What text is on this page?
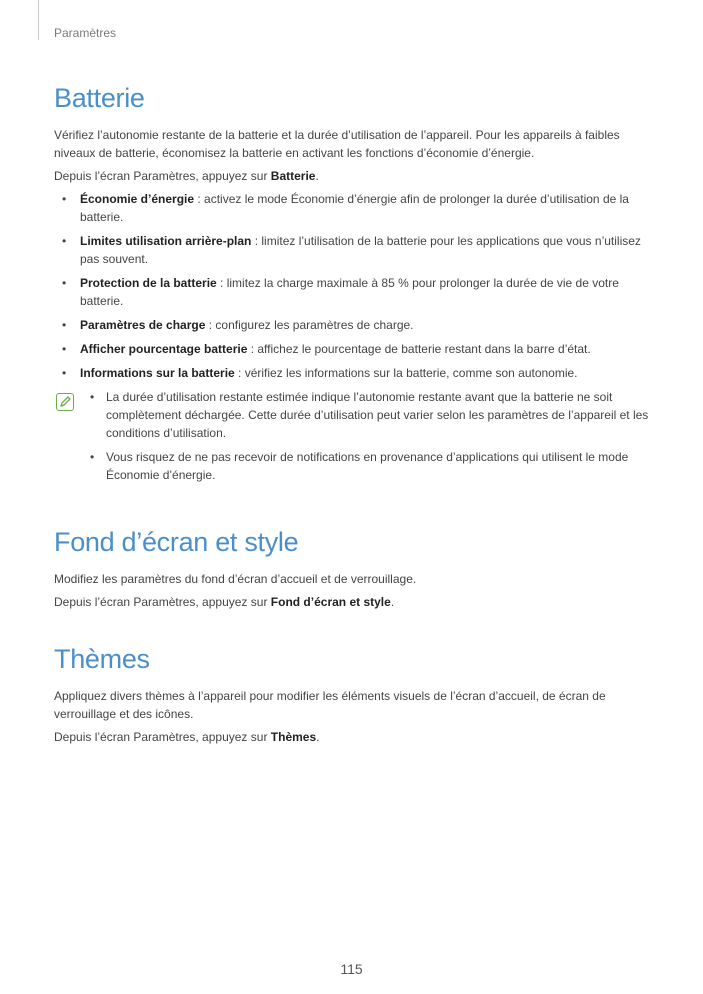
Paramètres
Batterie

Vérifiez l’autonomie restante de la batterie et la durée d’utilisation de l’appareil. Pour les appareils à faibles niveaux de batterie, économisez la batterie en activant les fonctions d’économie d’énergie.

Depuis l’écran Paramètres, appuyez sur Batterie.

• Économie d’énergie : activez le mode Économie d’énergie afin de prolonger la durée d’utilisation de la batterie.
• Limites utilisation arrière-plan : limitez l’utilisation de la batterie pour les applications que vous n’utilisez pas souvent.
• Protection de la batterie : limitez la charge maximale à 85 % pour prolonger la durée de vie de votre batterie.
• Paramètres de charge : configurez les paramètres de charge.
• Afficher pourcentage batterie : affichez le pourcentage de batterie restant dans la barre d’état.
• Informations sur la batterie : vérifiez les informations sur la batterie, comme son autonomie.
• La durée d’utilisation restante estimée indique l’autonomie restante avant que la batterie ne soit complètement déchargée. Cette durée d’utilisation peut varier selon les paramètres de l’appareil et les conditions d’utilisation.
• Vous risquez de ne pas recevoir de notifications en provenance d’applications qui utilisent le mode Économie d’énergie.
Fond d’écran et style

Modifiez les paramètres du fond d’écran d’accueil et de verrouillage.

Depuis l’écran Paramètres, appuyez sur Fond d’écran et style.

Thèmes

Appliquez divers thèmes à l’appareil pour modifier les éléments visuels de l’écran d’accueil, de écran de verrouillage et des icônes.

Depuis l’écran Paramètres, appuyez sur Thèmes.

115
